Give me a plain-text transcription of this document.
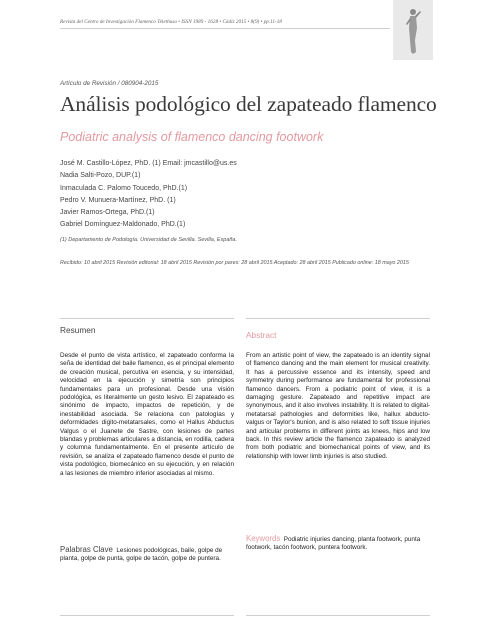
Revista del Centro de Investigación Flamenco Telethusa • ISSN 1989 - 1628 • Cádiz 2015 • 8(9) • pp.11-18
Artículo de Revisión / 080904-2015
Análisis podológico del zapateado flamenco
Podiatric analysis of flamenco dancing footwork
José M. Castillo-López, PhD. (1) Email: jmcastillo@us.es
Nadia Salti-Pozo, DUP.(1)
Inmaculada C. Palomo Toucedo, PhD.(1)
Pedro V. Munuera-Martínez, PhD. (1)
Javier Ramos-Ortega, PhD.(1)
Gabriel Domínguez-Maldonado, PhD.(1)
(1) Departamento de Podología. Universidad de Sevilla. Sevilla, España.
Recibido: 10 abril 2015 Revisión editorial: 18 abril 2015 Revisión por pares: 28 abril 2015 Aceptado: 28 abril 2015 Publicado online: 18 mayo 2015
Resumen	Abstract
Desde el punto de vista artístico, el zapateado conforma la seña de identidad del baile flamenco, es el principal elemento de creación musical, percutiva en esencia, y su intensidad, velocidad en la ejecución y simetría son principios fundamentales para un profesional. Desde una visión podológica, es literalmente un gesto lesivo. El zapateado es sinónimo de impacto, impactos de repetición, y de inestabilidad asociada. Se relaciona con patologías y deformidades digito-metatarsales, como el Hallus Abductus Valgus o el Juanete de Sastre, con lesiones de partes blandas y problemas articulares a distancia, en rodilla, cadera y columna fundamentalmente. En el presente artículo de revisión, se analiza el zapateado flamenco desde el punto de vista podológico, biomecánico en su ejecución, y en relación a las lesiones de miembro inferior asociadas al mismo.
From an artistic point of view, the zapateado is an identity signal of flamenco dancing and the main element for musical creativity. It has a percussive essence and its intensity, speed and symmetry during performance are fundamental for professional flamenco dancers. From a podiatric point of view, it is a damaging gesture. Zapateado and repetitive impact are synonymous, and it also involves instability. It is related to digital-metatarsal pathologies and deformities like, hallux abducto-valgus or Taylor's bunion, and is also related to soft tissue injuries and articular problems in different joints as knees, hips and low back. In this review article the flamenco zapateado is analyzed from both podiatric and biomechanical points of view, and its relationship with lower limb injuries is also studied.
Palabras Clave Lesiones podológicas, baile, golpe de planta, golpe de punta, golpe de tacón, golpe de puntera.
Keywords Podiatric injuries dancing, planta footwork, punta footwork, tacón footwork, puntera footwork.
